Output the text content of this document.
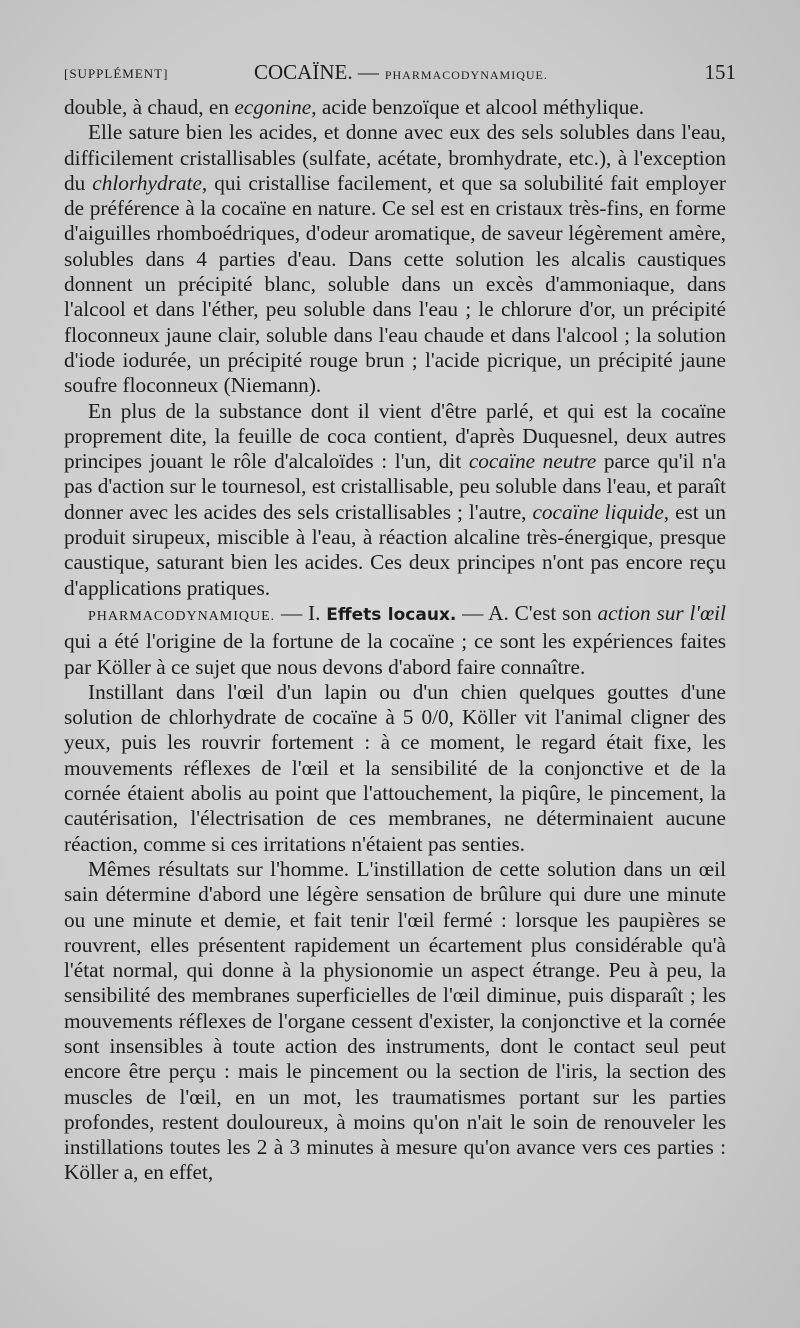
[SUPPLÉMENT]	COCAÏNE. — PHARMACODYNAMIQUE.	151

double, à chaud, en ecgonine, acide benzoïque et alcool méthylique.

Elle sature bien les acides, et donne avec eux des sels solubles dans l'eau, difficilement cristallisables (sulfate, acétate, bromhydrate, etc.), à l'exception du chlorhydrate, qui cristallise facilement, et que sa solubilité fait employer de préférence à la cocaïne en nature. Ce sel est en cristaux très-fins, en forme d'aiguilles rhomboédriques, d'odeur aromatique, de saveur légèrement amère, solubles dans 4 parties d'eau. Dans cette solution les alcalis caustiques donnent un précipité blanc, soluble dans un excès d'ammoniaque, dans l'alcool et dans l'éther, peu soluble dans l'eau ; le chlorure d'or, un précipité floconneux jaune clair, soluble dans l'eau chaude et dans l'alcool ; la solution d'iode iodurée, un précipité rouge brun ; l'acide picrique, un précipité jaune soufre floconneux (Niemann).

En plus de la substance dont il vient d'être parlé, et qui est la cocaïne proprement dite, la feuille de coca contient, d'après Duquesnel, deux autres principes jouant le rôle d'alcaloïdes : l'un, dit cocaïne neutre parce qu'il n'a pas d'action sur le tournesol, est cristallisable, peu soluble dans l'eau, et paraît donner avec les acides des sels cristallisables ; l'autre, cocaïne liquide, est un produit sirupeux, miscible à l'eau, à réaction alcaline très-énergique, presque caustique, saturant bien les acides. Ces deux principes n'ont pas encore reçu d'applications pratiques.

PHARMACODYNAMIQUE. — I. Effets locaux. — A. C'est son action sur l'œil qui a été l'origine de la fortune de la cocaïne ; ce sont les expériences faites par Köller à ce sujet que nous devons d'abord faire connaître.

Instillant dans l'œil d'un lapin ou d'un chien quelques gouttes d'une solution de chlorhydrate de cocaïne à 5 0/0, Köller vit l'animal cligner des yeux, puis les rouvrir fortement : à ce moment, le regard était fixe, les mouvements réflexes de l'œil et la sensibilité de la conjonctive et de la cornée étaient abolis au point que l'attouchement, la piqûre, le pincement, la cautérisation, l'électrisation de ces membranes, ne déterminaient aucune réaction, comme si ces irritations n'étaient pas senties.

Mêmes résultats sur l'homme. L'instillation de cette solution dans un œil sain détermine d'abord une légère sensation de brûlure qui dure une minute ou une minute et demie, et fait tenir l'œil fermé : lorsque les paupières se rouvrent, elles présentent rapidement un écartement plus considérable qu'à l'état normal, qui donne à la physionomie un aspect étrange. Peu à peu, la sensibilité des membranes superficielles de l'œil diminue, puis disparaît ; les mouvements réflexes de l'organe cessent d'exister, la conjonctive et la cornée sont insensibles à toute action des instruments, dont le contact seul peut encore être perçu : mais le pincement ou la section de l'iris, la section des muscles de l'œil, en un mot, les traumatismes portant sur les parties profondes, restent douloureux, à moins qu'on n'ait le soin de renouveler les instillations toutes les 2 à 3 minutes à mesure qu'on avance vers ces parties : Köller a, en effet,
